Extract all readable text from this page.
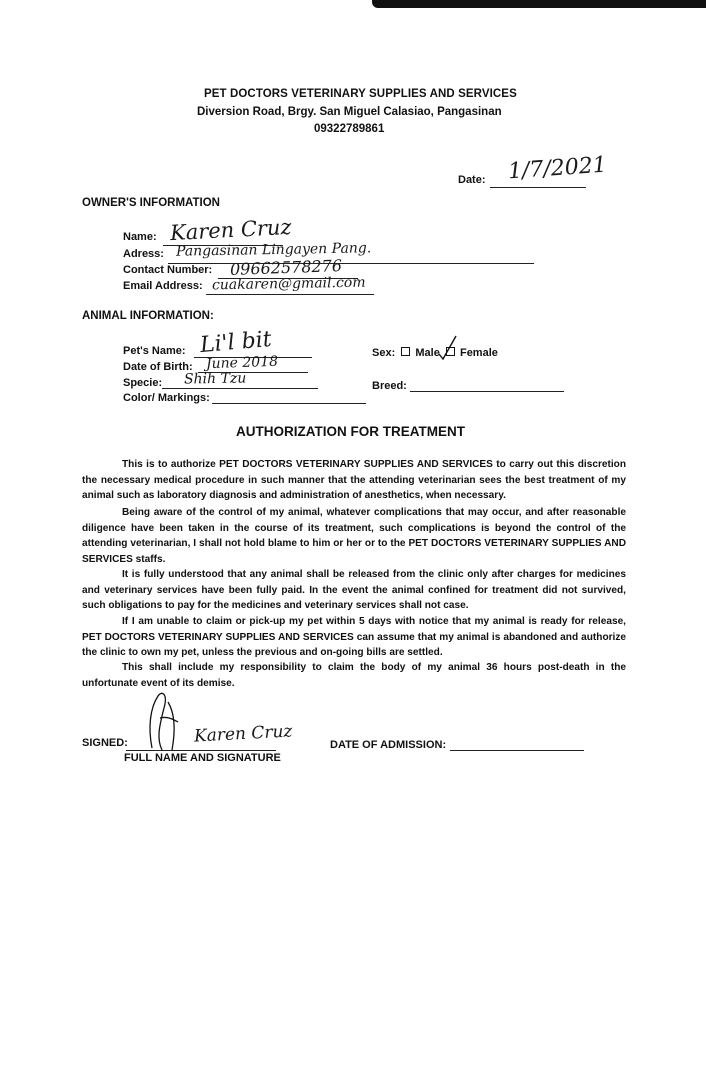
PET DOCTORS VETERINARY SUPPLIES AND SERVICES
Diversion Road, Brgy. San Miguel Calasiao, Pangasinan
09322789861
Date: 1/7/2021
OWNER'S INFORMATION
Name: Karen Cruz
Adress: Pangasinan Lingayen Pang.
Contact Number: 09662578276
Email Address: cuakaren@gmail.com
ANIMAL INFORMATION:
Pet's Name: Li'l bit
Date of Birth: June 2018
Specie: Shih Tzu
Color/ Markings:
Sex: Male Female
Breed:
AUTHORIZATION FOR TREATMENT
This is to authorize PET DOCTORS VETERINARY SUPPLIES AND SERVICES to carry out this discretion the necessary medical procedure in such manner that the attending veterinarian sees the best treatment of my animal such as laboratory diagnosis and administration of anesthetics, when necessary.
Being aware of the control of my animal, whatever complications that may occur, and after reasonable diligence have been taken in the course of its treatment, such complications is beyond the control of the attending veterinarian, I shall not hold blame to him or her or to the PET DOCTORS VETERINARY SUPPLIES AND SERVICES staffs.
It is fully understood that any animal shall be released from the clinic only after charges for medicines and veterinary services have been fully paid. In the event the animal confined for treatment did not survived, such obligations to pay for the medicines and veterinary services shall not case.
If I am unable to claim or pick-up my pet within 5 days with notice that my animal is ready for release, PET DOCTORS VETERINARY SUPPLIES AND SERVICES can assume that my animal is abandoned and authorize the clinic to own my pet, unless the previous and on-going bills are settled.
This shall include my responsibility to claim the body of my animal 36 hours post-death in the unfortunate event of its demise.
SIGNED:	Karen Cruz
FULL NAME AND SIGNATURE
DATE OF ADMISSION:
